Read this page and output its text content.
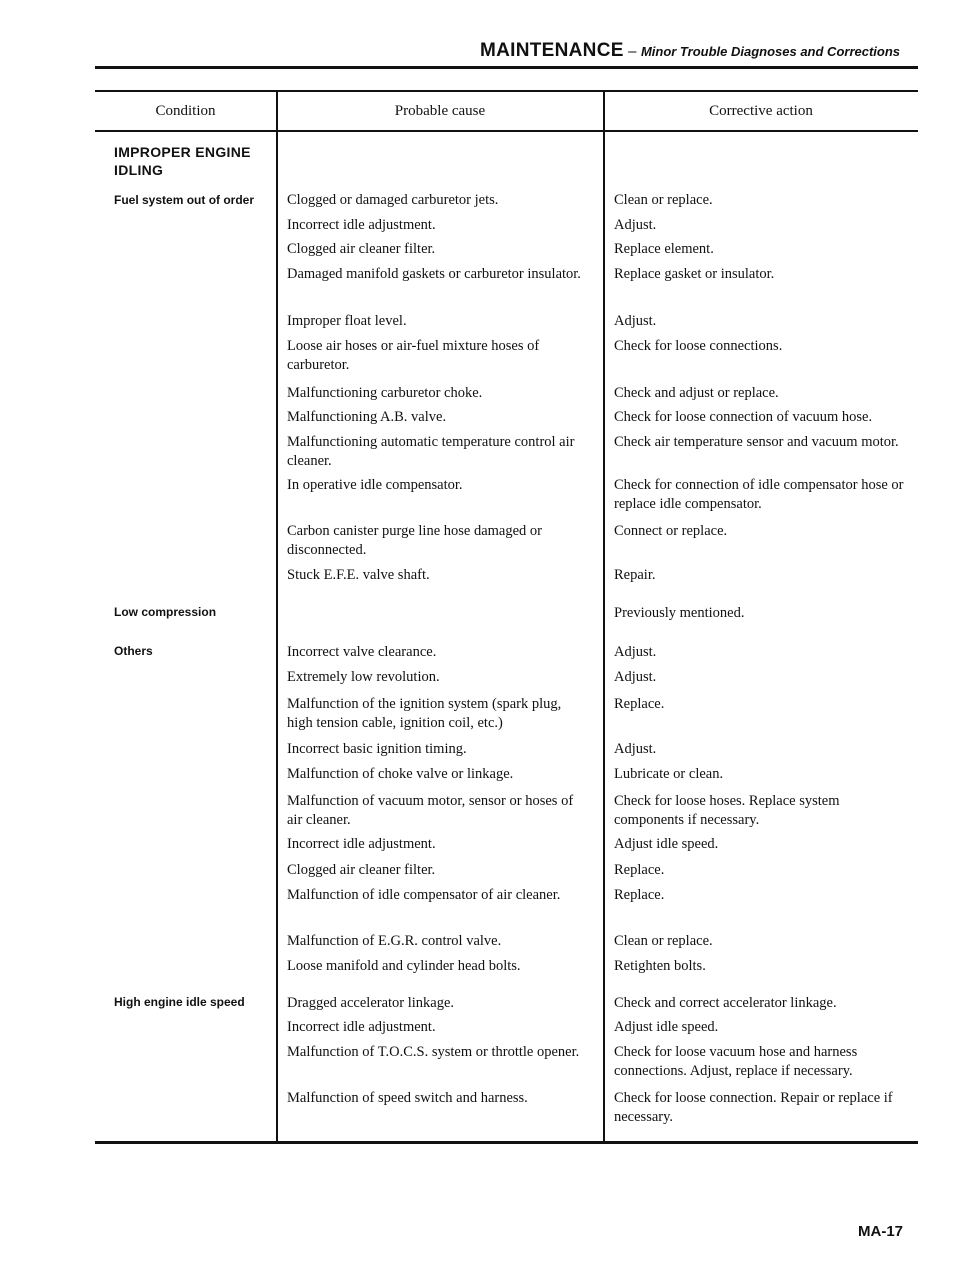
MAINTENANCE – Minor Trouble Diagnoses and Corrections
Condition	Probable cause	Corrective action
IMPROPER ENGINE IDLING
Fuel system out of order
Low compression
Others
High engine idle speed
Clogged or damaged carburetor jets.
Incorrect idle adjustment.
Clogged air cleaner filter.
Damaged manifold gaskets or carburetor insulator.
Improper float level.
Loose air hoses or air-fuel mixture hoses of carburetor.
Malfunctioning carburetor choke.
Malfunctioning A.B. valve.
Malfunctioning automatic temperature control air cleaner.
In operative idle compensator.
Carbon canister purge line hose damaged or disconnected.
Stuck E.F.E. valve shaft.
Incorrect valve clearance.
Extremely low revolution.
Malfunction of the ignition system (spark plug, high tension cable, ignition coil, etc.)
Incorrect basic ignition timing.
Malfunction of choke valve or linkage.
Malfunction of vacuum motor, sensor or hoses of air cleaner.
Incorrect idle adjustment.
Clogged air cleaner filter.
Malfunction of idle compensator of air cleaner.
Malfunction of E.G.R. control valve.
Loose manifold and cylinder head bolts.
Dragged accelerator linkage.
Incorrect idle adjustment.
Malfunction of T.O.C.S. system or throttle opener.
Malfunction of speed switch and harness.
Clean or replace.
Adjust.
Replace element.
Replace gasket or insulator.
Adjust.
Check for loose connections.
Check and adjust or replace.
Check for loose connection of vacuum hose.
Check air temperature sensor and vacuum motor.
Check for connection of idle compensator hose or replace idle compensator.
Connect or replace.
Repair.
Previously mentioned.
Adjust.
Adjust.
Replace.
Adjust.
Lubricate or clean.
Check for loose hoses. Replace system components if necessary.
Adjust idle speed.
Replace.
Replace.
Clean or replace.
Retighten bolts.
Check and correct accelerator linkage.
Adjust idle speed.
Check for loose vacuum hose and harness connections. Adjust, replace if necessary.
Check for loose connection. Repair or replace if necessary.
MA-17
